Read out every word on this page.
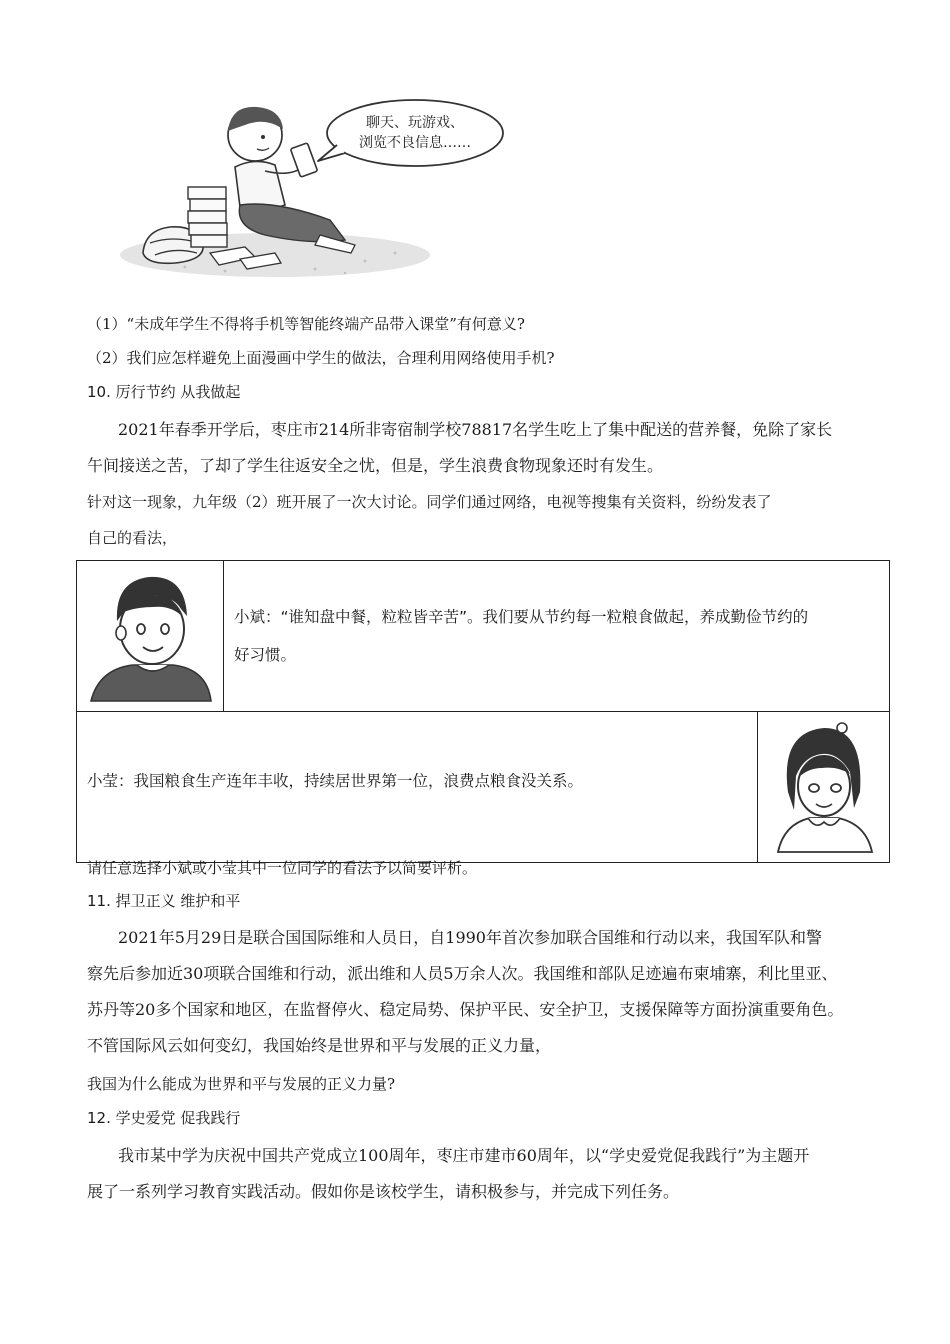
聊天、玩游戏、
浏览不良信息……
（1）“未成年学生不得将手机等智能终端产品带入课堂”有何意义?
（2）我们应怎样避免上面漫画中学生的做法，合理利用网络使用手机?
10. 厉行节约 从我做起
2021年春季开学后，枣庄市214所非寄宿制学校78817名学生吃上了集中配送的营养餐，免除了家长
午间接送之苦，了却了学生往返安全之忧，但是，学生浪费食物现象还时有发生。
针对这一现象，九年级（2）班开展了一次大讨论。同学们通过网络，电视等搜集有关资料，纷纷发表了
自己的看法，

小斌：“谁知盘中餐，粒粒皆辛苦”。我们要从节约每一粒粮食做起，养成勤俭节约的
好习惯。	

小莹：我国粮食生产连年丰收，持续居世界第一位，浪费点粮食没关系。

请任意选择小斌或小莹其中一位同学的看法予以简要评析。
11. 捍卫正义 维护和平
2021年5月29日是联合国国际维和人员日，自1990年首次参加联合国维和行动以来，我国军队和警
察先后参加近30项联合国维和行动，派出维和人员5万余人次。我国维和部队足迹遍布柬埔寨，利比里亚、
苏丹等20多个国家和地区，在监督停火、稳定局势、保护平民、安全护卫，支援保障等方面扮演重要角色。
不管国际风云如何变幻，我国始终是世界和平与发展的正义力量，
我国为什么能成为世界和平与发展的正义力量?
12. 学史爱党 促我践行
我市某中学为庆祝中国共产党成立100周年，枣庄市建市60周年，以“学史爱党促我践行”为主题开
展了一系列学习教育实践活动。假如你是该校学生，请积极参与，并完成下列任务。
